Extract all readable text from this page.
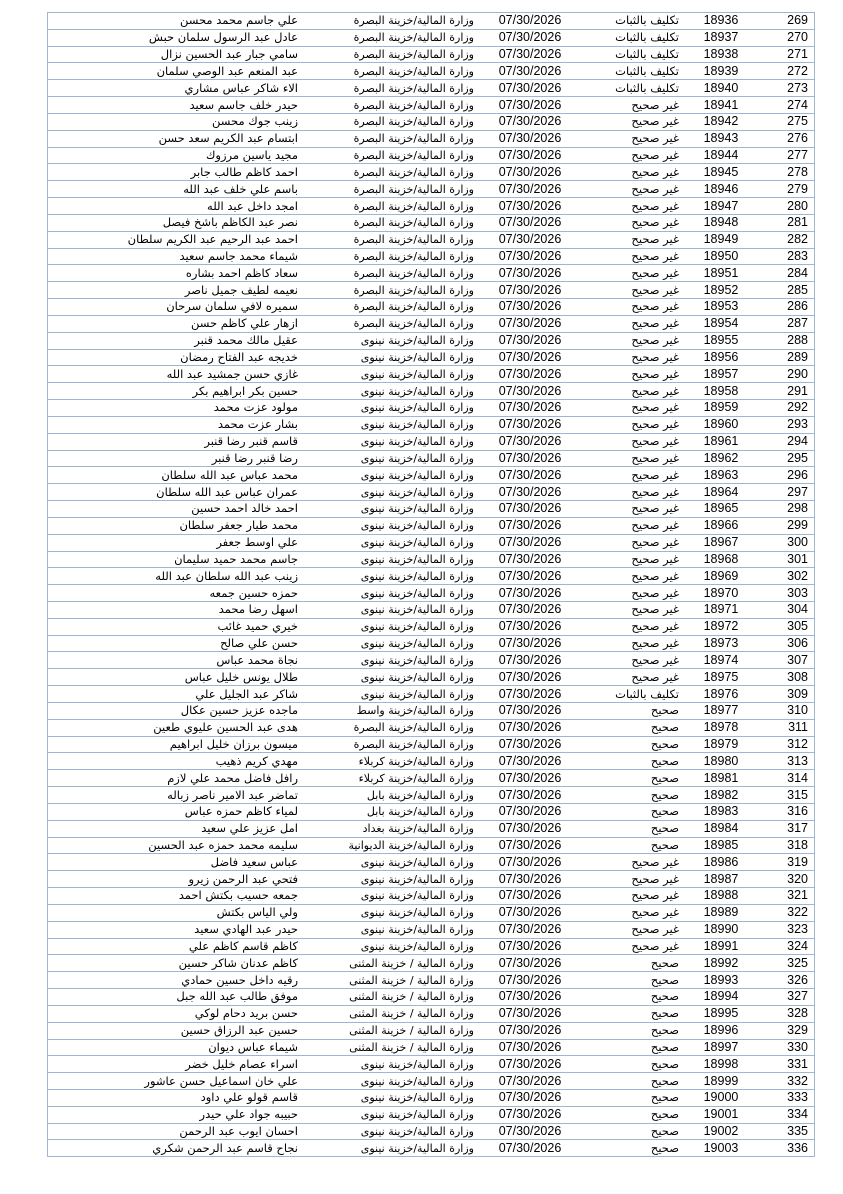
علي جاسم محمد محسن	وزارة المالية/خزينة البصرة	07/30/2026	تكليف بالثبات	18936	269
عادل عبد الرسول سلمان حبش	وزارة المالية/خزينة البصرة	07/30/2026	تكليف بالثبات	18937	270
سامي جبار عبد الحسين نزال	وزارة المالية/خزينة البصرة	07/30/2026	تكليف بالثبات	18938	271
عبد المنعم عبد الوصي سلمان	وزارة المالية/خزينة البصرة	07/30/2026	تكليف بالثبات	18939	272
الاء شاكر عباس مشاري	وزارة المالية/خزينة البصرة	07/30/2026	تكليف بالثبات	18940	273
حيدر خلف جاسم سعيد	وزارة المالية/خزينة البصرة	07/30/2026	غير صحيح	18941	274
زينب جوك محسن	وزارة المالية/خزينة البصرة	07/30/2026	غير صحيح	18942	275
ابتسام عبد الكريم سعد حسن	وزارة المالية/خزينة البصرة	07/30/2026	غير صحيح	18943	276
مجيد ياسين مرزوك	وزارة المالية/خزينة البصرة	07/30/2026	غير صحيح	18944	277
احمد كاظم طالب جابر	وزارة المالية/خزينة البصرة	07/30/2026	غير صحيح	18945	278
باسم علي خلف عبد الله	وزارة المالية/خزينة البصرة	07/30/2026	غير صحيح	18946	279
امجد داخل عبد الله	وزارة المالية/خزينة البصرة	07/30/2026	غير صحيح	18947	280
نصر عبد الكاظم باشخ فيصل	وزارة المالية/خزينة البصرة	07/30/2026	غير صحيح	18948	281
احمد عبد الرحيم عبد الكريم سلطان	وزارة المالية/خزينة البصرة	07/30/2026	غير صحيح	18949	282
شيماء محمد جاسم سعيد	وزارة المالية/خزينة البصرة	07/30/2026	غير صحيح	18950	283
سعاد كاظم احمد بشاره	وزارة المالية/خزينة البصرة	07/30/2026	غير صحيح	18951	284
نعيمه لطيف جميل ناصر	وزارة المالية/خزينة البصرة	07/30/2026	غير صحيح	18952	285
سميره لافي سلمان سرحان	وزارة المالية/خزينة البصرة	07/30/2026	غير صحيح	18953	286
ازهار علي كاظم حسن	وزارة المالية/خزينة البصرة	07/30/2026	غير صحيح	18954	287
عقيل مالك محمد قنبر	وزارة المالية/خزينة نينوى	07/30/2026	غير صحيح	18955	288
خديجه عبد الفتاح رمضان	وزارة المالية/خزينة نينوى	07/30/2026	غير صحيح	18956	289
غازي حسن جمشيد عبد الله	وزارة المالية/خزينة نينوى	07/30/2026	غير صحيح	18957	290
حسين بكر ابراهيم بكر	وزارة المالية/خزينة نينوى	07/30/2026	غير صحيح	18958	291
مولود عزت محمد	وزارة المالية/خزينة نينوى	07/30/2026	غير صحيح	18959	292
بشار عزت محمد	وزارة المالية/خزينة نينوى	07/30/2026	غير صحيح	18960	293
قاسم قنبر رضا قنبر	وزارة المالية/خزينة نينوى	07/30/2026	غير صحيح	18961	294
رضا قنبر رضا قنبر	وزارة المالية/خزينة نينوى	07/30/2026	غير صحيح	18962	295
محمد عباس عبد الله سلطان	وزارة المالية/خزينة نينوى	07/30/2026	غير صحيح	18963	296
عمران عباس عبد الله سلطان	وزارة المالية/خزينة نينوى	07/30/2026	غير صحيح	18964	297
احمد خالد احمد حسين	وزارة المالية/خزينة نينوى	07/30/2026	غير صحيح	18965	298
محمد طيار جعفر سلطان	وزارة المالية/خزينة نينوى	07/30/2026	غير صحيح	18966	299
علي اوسط جعفر	وزارة المالية/خزينة نينوى	07/30/2026	غير صحيح	18967	300
جاسم محمد حميد سليمان	وزارة المالية/خزينة نينوى	07/30/2026	غير صحيح	18968	301
زينب عبد الله سلطان عبد الله	وزارة المالية/خزينة نينوى	07/30/2026	غير صحيح	18969	302
حمزه حسين جمعه	وزارة المالية/خزينة نينوى	07/30/2026	غير صحيح	18970	303
اسهل رضا محمد	وزارة المالية/خزينة نينوى	07/30/2026	غير صحيح	18971	304
خيري حميد غائب	وزارة المالية/خزينة نينوى	07/30/2026	غير صحيح	18972	305
حسن علي صالح	وزارة المالية/خزينة نينوى	07/30/2026	غير صحيح	18973	306
نجاة محمد عباس	وزارة المالية/خزينة نينوى	07/30/2026	غير صحيح	18974	307
طلال يونس خليل عباس	وزارة المالية/خزينة نينوى	07/30/2026	غير صحيح	18975	308
شاكر عبد الجليل علي	وزارة المالية/خزينة نينوى	07/30/2026	تكليف بالثبات	18976	309
ماجده عزيز حسين عكال	وزارة المالية/خزينة واسط	07/30/2026	صحيح	18977	310
هدى عبد الحسين عليوي طعين	وزارة المالية/خزينة البصرة	07/30/2026	صحيح	18978	311
ميسون برزان خليل ابراهيم	وزارة المالية/خزينة البصرة	07/30/2026	صحيح	18979	312
مهدي كريم ذهيب	وزارة المالية/خزينة كربلاء	07/30/2026	صحيح	18980	313
رافل فاضل محمد علي لازم	وزارة المالية/خزينة كربلاء	07/30/2026	صحيح	18981	314
تماضر عبد الامير ناصر زباله	وزارة المالية/خزينة بابل	07/30/2026	صحيح	18982	315
لمياء كاظم حمزه عباس	وزارة المالية/خزينة بابل	07/30/2026	صحيح	18983	316
امل عزيز علي سعيد	وزارة المالية/خزينة بغداد	07/30/2026	صحيح	18984	317
سليمه محمد حمزه عبد الحسين	وزارة المالية/خزينة الديوانية	07/30/2026	صحيح	18985	318
عباس سعيد فاضل	وزارة المالية/خزينة نينوى	07/30/2026	غير صحيح	18986	319
فتحي عبد الرحمن زيرو	وزارة المالية/خزينة نينوى	07/30/2026	غير صحيح	18987	320
جمعه حسيب بكتش احمد	وزارة المالية/خزينة نينوى	07/30/2026	غير صحيح	18988	321
ولي الياس بكتش	وزارة المالية/خزينة نينوى	07/30/2026	غير صحيح	18989	322
حيدر عبد الهادي سعيد	وزارة المالية/خزينة نينوى	07/30/2026	غير صحيح	18990	323
كاظم قاسم كاظم علي	وزارة المالية/خزينة نينوى	07/30/2026	غير صحيح	18991	324
كاظم عدنان شاكر حسين	وزارة المالية / خزينة المثنى	07/30/2026	صحيح	18992	325
رقيه داخل حسين حمادي	وزارة المالية / خزينة المثنى	07/30/2026	صحيح	18993	326
موفق طالب عبد الله جبل	وزارة المالية / خزينة المثنى	07/30/2026	صحيح	18994	327
حسن بريد دحام لوكي	وزارة المالية / خزينة المثنى	07/30/2026	صحيح	18995	328
حسين عبد الرزاق حسين	وزارة المالية / خزينة المثنى	07/30/2026	صحيح	18996	329
شيماء عباس ديوان	وزارة المالية / خزينة المثنى	07/30/2026	صحيح	18997	330
اسراء عصام خليل خضر	وزارة المالية/خزينة نينوى	07/30/2026	صحيح	18998	331
علي خان اسماعيل حسن عاشور	وزارة المالية/خزينة نينوى	07/30/2026	صحيح	18999	332
قاسم قولو علي داود	وزارة المالية/خزينة نينوى	07/30/2026	صحيح	19000	333
حبيبه جواد علي حيدر	وزارة المالية/خزينة نينوى	07/30/2026	صحيح	19001	334
احسان ايوب عبد الرحمن	وزارة المالية/خزينة نينوى	07/30/2026	صحيح	19002	335
نجاح قاسم عبد الرحمن شكري	وزارة المالية/خزينة نينوى	07/30/2026	صحيح	19003	336
